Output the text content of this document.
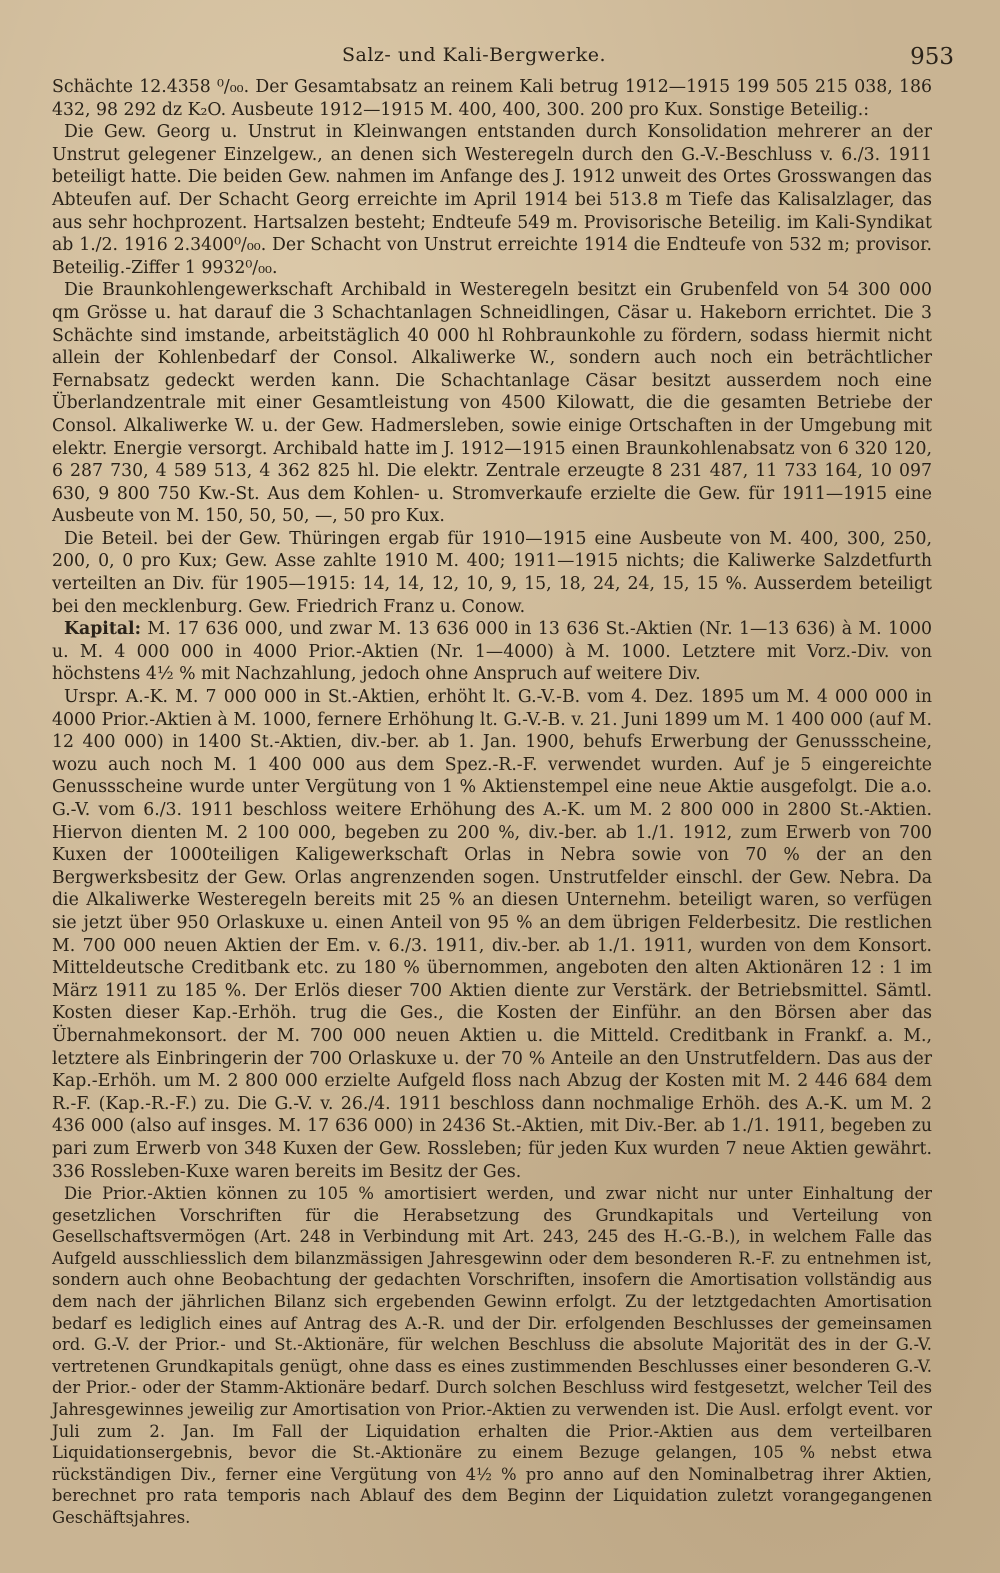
Salz- und Kali-Bergwerke.	953

Schächte 12.4358 ⁰/₀₀. Der Gesamtabsatz an reinem Kali betrug 1912—1915 199 505 215 038, 186 432, 98 292 dz K₂O. Ausbeute 1912—1915 M. 400, 400, 300. 200 pro Kux. Sonstige Beteilig.:

Die Gew. Georg u. Unstrut in Kleinwangen entstanden durch Konsolidation mehrerer an der Unstrut gelegener Einzelgew., an denen sich Westeregeln durch den G.-V.-Beschluss v. 6./3. 1911 beteiligt hatte. Die beiden Gew. nahmen im Anfange des J. 1912 unweit des Ortes Grosswangen das Abteufen auf. Der Schacht Georg erreichte im April 1914 bei 513.8 m Tiefe das Kalisalzlager, das aus sehr hochprozent. Hartsalzen besteht; Endteufe 549 m. Provisorische Beteilig. im Kali-Syndikat ab 1./2. 1916 2.3400⁰/₀₀. Der Schacht von Unstrut erreichte 1914 die Endteufe von 532 m; provisor. Beteilig.-Ziffer 1 9932⁰/₀₀.

Die Braunkohlengewerkschaft Archibald in Westeregeln besitzt ein Grubenfeld von 54 300 000 qm Grösse u. hat darauf die 3 Schachtanlagen Schneidlingen, Cäsar u. Hakeborn errichtet. Die 3 Schächte sind imstande, arbeitstäglich 40 000 hl Rohbraunkohle zu fördern, sodass hiermit nicht allein der Kohlenbedarf der Consol. Alkaliwerke W., sondern auch noch ein beträchtlicher Fernabsatz gedeckt werden kann. Die Schachtanlage Cäsar besitzt ausserdem noch eine Überlandzentrale mit einer Gesamtleistung von 4500 Kilowatt, die die gesamten Betriebe der Consol. Alkaliwerke W. u. der Gew. Hadmersleben, sowie einige Ortschaften in der Umgebung mit elektr. Energie versorgt. Archibald hatte im J. 1912—1915 einen Braunkohlenabsatz von 6 320 120, 6 287 730, 4 589 513, 4 362 825 hl. Die elektr. Zentrale erzeugte 8 231 487, 11 733 164, 10 097 630, 9 800 750 Kw.-St. Aus dem Kohlen- u. Stromverkaufe erzielte die Gew. für 1911—1915 eine Ausbeute von M. 150, 50, 50, —, 50 pro Kux.

Die Beteil. bei der Gew. Thüringen ergab für 1910—1915 eine Ausbeute von M. 400, 300, 250, 200, 0, 0 pro Kux; Gew. Asse zahlte 1910 M. 400; 1911—1915 nichts; die Kaliwerke Salzdetfurth verteilten an Div. für 1905—1915: 14, 14, 12, 10, 9, 15, 18, 24, 24, 15, 15 %. Ausserdem beteiligt bei den mecklenburg. Gew. Friedrich Franz u. Conow.

Kapital: M. 17 636 000, und zwar M. 13 636 000 in 13 636 St.-Aktien (Nr. 1—13 636) à M. 1000 u. M. 4 000 000 in 4000 Prior.-Aktien (Nr. 1—4000) à M. 1000. Letztere mit Vorz.-Div. von höchstens 4½ % mit Nachzahlung, jedoch ohne Anspruch auf weitere Div.

Urspr. A.-K. M. 7 000 000 in St.-Aktien, erhöht lt. G.-V.-B. vom 4. Dez. 1895 um M. 4 000 000 in 4000 Prior.-Aktien à M. 1000, fernere Erhöhung lt. G.-V.-B. v. 21. Juni 1899 um M. 1 400 000 (auf M. 12 400 000) in 1400 St.-Aktien, div.-ber. ab 1. Jan. 1900, behufs Erwerbung der Genussscheine, wozu auch noch M. 1 400 000 aus dem Spez.-R.-F. verwendet wurden. Auf je 5 eingereichte Genussscheine wurde unter Vergütung von 1 % Aktienstempel eine neue Aktie ausgefolgt. Die a.o. G.-V. vom 6./3. 1911 beschloss weitere Erhöhung des A.-K. um M. 2 800 000 in 2800 St.-Aktien. Hiervon dienten M. 2 100 000, begeben zu 200 %, div.-ber. ab 1./1. 1912, zum Erwerb von 700 Kuxen der 1000teiligen Kaligewerkschaft Orlas in Nebra sowie von 70 % der an den Bergwerksbesitz der Gew. Orlas angrenzenden sogen. Unstrutfelder einschl. der Gew. Nebra. Da die Alkaliwerke Westeregeln bereits mit 25 % an diesen Unternehm. beteiligt waren, so verfügen sie jetzt über 950 Orlaskuxe u. einen Anteil von 95 % an dem übrigen Felderbesitz. Die restlichen M. 700 000 neuen Aktien der Em. v. 6./3. 1911, div.-ber. ab 1./1. 1911, wurden von dem Konsort. Mitteldeutsche Creditbank etc. zu 180 % übernommen, angeboten den alten Aktionären 12 : 1 im März 1911 zu 185 %. Der Erlös dieser 700 Aktien diente zur Verstärk. der Betriebsmittel. Sämtl. Kosten dieser Kap.-Erhöh. trug die Ges., die Kosten der Einführ. an den Börsen aber das Übernahmekonsort. der M. 700 000 neuen Aktien u. die Mitteld. Creditbank in Frankf. a. M., letztere als Einbringerin der 700 Orlaskuxe u. der 70 % Anteile an den Unstrutfeldern. Das aus der Kap.-Erhöh. um M. 2 800 000 erzielte Aufgeld floss nach Abzug der Kosten mit M. 2 446 684 dem R.-F. (Kap.-R.-F.) zu. Die G.-V. v. 26./4. 1911 beschloss dann nochmalige Erhöh. des A.-K. um M. 2 436 000 (also auf insges. M. 17 636 000) in 2436 St.-Aktien, mit Div.-Ber. ab 1./1. 1911, begeben zu pari zum Erwerb von 348 Kuxen der Gew. Rossleben; für jeden Kux wurden 7 neue Aktien gewährt. 336 Rossleben-Kuxe waren bereits im Besitz der Ges.

Die Prior.-Aktien können zu 105 % amortisiert werden, und zwar nicht nur unter Einhaltung der gesetzlichen Vorschriften für die Herabsetzung des Grundkapitals und Verteilung von Gesellschaftsvermögen (Art. 248 in Verbindung mit Art. 243, 245 des H.-G.-B.), in welchem Falle das Aufgeld ausschliesslich dem bilanzmässigen Jahresgewinn oder dem besonderen R.-F. zu entnehmen ist, sondern auch ohne Beobachtung der gedachten Vorschriften, insofern die Amortisation vollständig aus dem nach der jährlichen Bilanz sich ergebenden Gewinn erfolgt. Zu der letztgedachten Amortisation bedarf es lediglich eines auf Antrag des A.-R. und der Dir. erfolgenden Beschlusses der gemeinsamen ord. G.-V. der Prior.- und St.-Aktionäre, für welchen Beschluss die absolute Majorität des in der G.-V. vertretenen Grundkapitals genügt, ohne dass es eines zustimmenden Beschlusses einer besonderen G.-V. der Prior.- oder der Stamm-Aktionäre bedarf. Durch solchen Beschluss wird festgesetzt, welcher Teil des Jahresgewinnes jeweilig zur Amortisation von Prior.-Aktien zu verwenden ist. Die Ausl. erfolgt event. vor Juli zum 2. Jan. Im Fall der Liquidation erhalten die Prior.-Aktien aus dem verteilbaren Liquidationsergebnis, bevor die St.-Aktionäre zu einem Bezuge gelangen, 105 % nebst etwa rückständigen Div., ferner eine Vergütung von 4½ % pro anno auf den Nominalbetrag ihrer Aktien, berechnet pro rata temporis nach Ablauf des dem Beginn der Liquidation zuletzt vorangegangenen Geschäftsjahres.
